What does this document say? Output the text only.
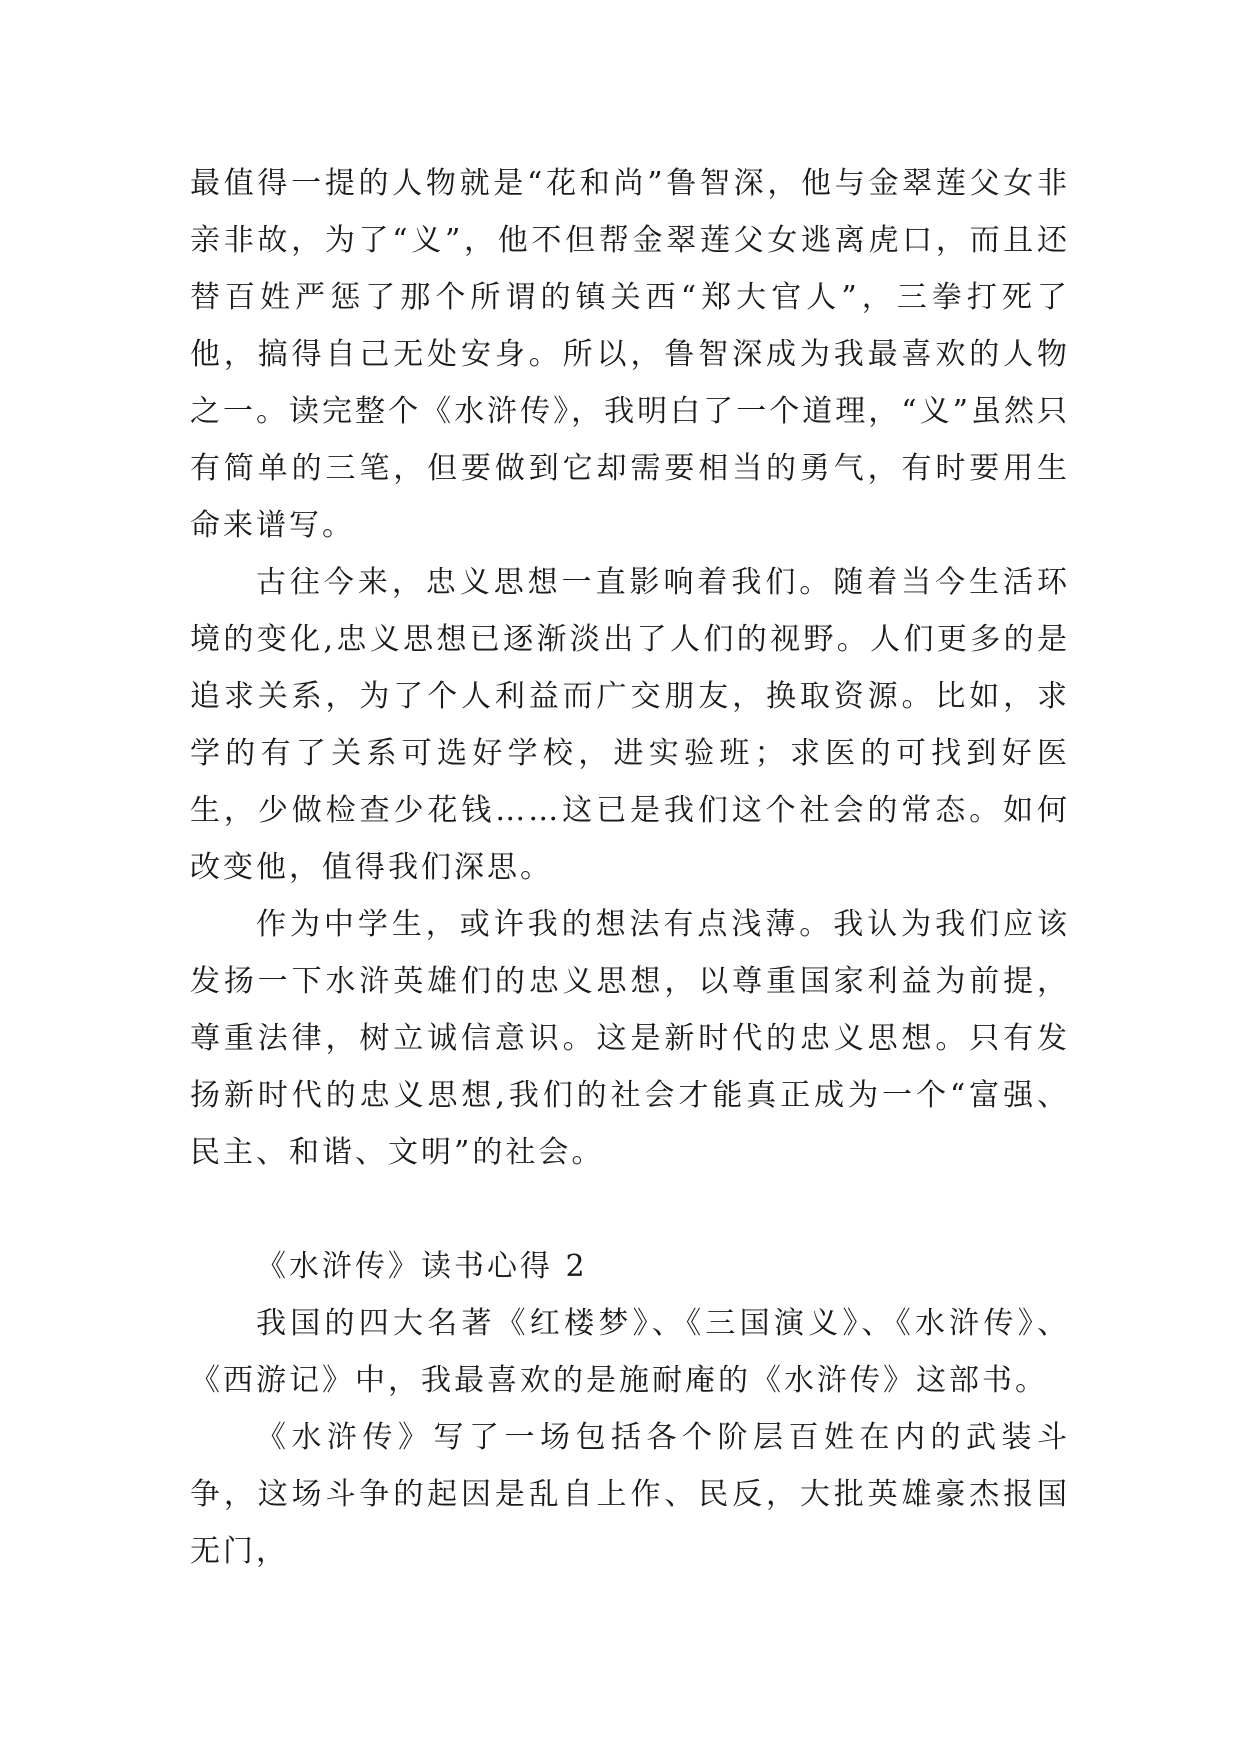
最值得一提的人物就是“花和尚”鲁智深，他与金翠莲父女非亲非故，为了“义”，他不但帮金翠莲父女逃离虎口，而且还替百姓严惩了那个所谓的镇关西“郑大官人”，三拳打死了他，搞得自己无处安身。所以，鲁智深成为我最喜欢的人物之一。读完整个《水浒传》，我明白了一个道理，“义”虽然只有简单的三笔，但要做到它却需要相当的勇气，有时要用生命来谱写。

古往今来，忠义思想一直影响着我们。随着当今生活环境的变化,忠义思想已逐渐淡出了人们的视野。人们更多的是追求关系，为了个人利益而广交朋友，换取资源。比如，求学的有了关系可选好学校，进实验班；求医的可找到好医生，少做检查少花钱……这已是我们这个社会的常态。如何改变他，值得我们深思。

作为中学生，或许我的想法有点浅薄。我认为我们应该发扬一下水浒英雄们的忠义思想，以尊重国家利益为前提，尊重法律，树立诚信意识。这是新时代的忠义思想。只有发扬新时代的忠义思想,我们的社会才能真正成为一个“富强、民主、和谐、文明”的社会。

《水浒传》读书心得 2

我国的四大名著《红楼梦》、《三国演义》、《水浒传》、《西游记》中，我最喜欢的是施耐庵的《水浒传》这部书。

《水浒传》写了一场包括各个阶层百姓在内的武装斗争，这场斗争的起因是乱自上作、民反，大批英雄豪杰报国无门，
